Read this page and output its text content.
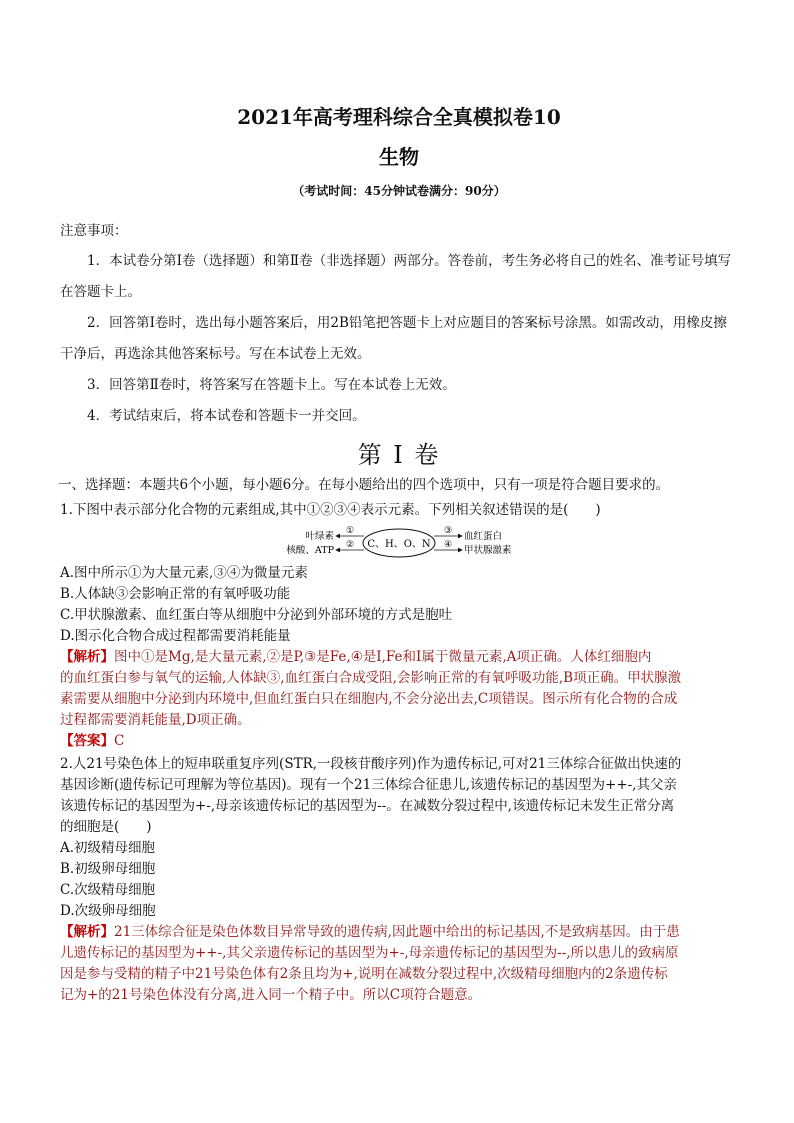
2021年高考理科综合全真模拟卷10
生物
（考试时间：45分钟试卷满分：90分）
注意事项：

1．本试卷分第Ⅰ卷（选择题）和第Ⅱ卷（非选择题）两部分。答卷前，考生务必将自己的姓名、准考证号填写在答题卡上。

2．回答第Ⅰ卷时，选出每小题答案后，用2B铅笔把答题卡上对应题目的答案标号涂黑。如需改动，用橡皮擦干净后，再选涂其他答案标号。写在本试卷上无效。

3．回答第Ⅱ卷时，将答案写在答题卡上。写在本试卷上无效。

4．考试结束后，将本试卷和答题卡一并交回。

第 I 卷
一、选择题：本题共6个小题，每小题6分。在每小题给出的四个选项中，只有一项是符合题目要求的。
1.下图中表示部分化合物的元素组成,其中①②③④表示元素。下列相关叙述错误的是(　　)
C、H、O、N
①
②
③
④
叶绿素
核酸、ATP
血红蛋白
甲状腺激素
A.图中所示①为大量元素,③④为微量元素
B.人体缺③会影响正常的有氧呼吸功能
C.甲状腺激素、血红蛋白等从细胞中分泌到外部环境的方式是胞吐
D.图示化合物合成过程都需要消耗能量
【解析】图中①是Mg,是大量元素,②是P,③是Fe,④是I,Fe和I属于微量元素,A项正确。人体红细胞内
的血红蛋白参与氧气的运输,人体缺③,血红蛋白合成受阻,会影响正常的有氧呼吸功能,B项正确。甲状腺激
素需要从细胞中分泌到内环境中,但血红蛋白只在细胞内,不会分泌出去,C项错误。图示所有化合物的合成
过程都需要消耗能量,D项正确。
【答案】C
2.人21号染色体上的短串联重复序列(STR,一段核苷酸序列)作为遗传标记,可对21三体综合征做出快速的
基因诊断(遗传标记可理解为等位基因)。现有一个21三体综合征患儿,该遗传标记的基因型为++-,其父亲
该遗传标记的基因型为+-,母亲该遗传标记的基因型为--。在减数分裂过程中,该遗传标记未发生正常分离
的细胞是(　　)
A.初级精母细胞
B.初级卵母细胞
C.次级精母细胞
D.次级卵母细胞
【解析】21三体综合征是染色体数目异常导致的遗传病,因此题中给出的标记基因,不是致病基因。由于患
儿遗传标记的基因型为++-,其父亲遗传标记的基因型为+-,母亲遗传标记的基因型为--,所以患儿的致病原
因是参与受精的精子中21号染色体有2条且均为+,说明在减数分裂过程中,次级精母细胞内的2条遗传标
记为+的21号染色体没有分离,进入同一个精子中。所以C项符合题意。
